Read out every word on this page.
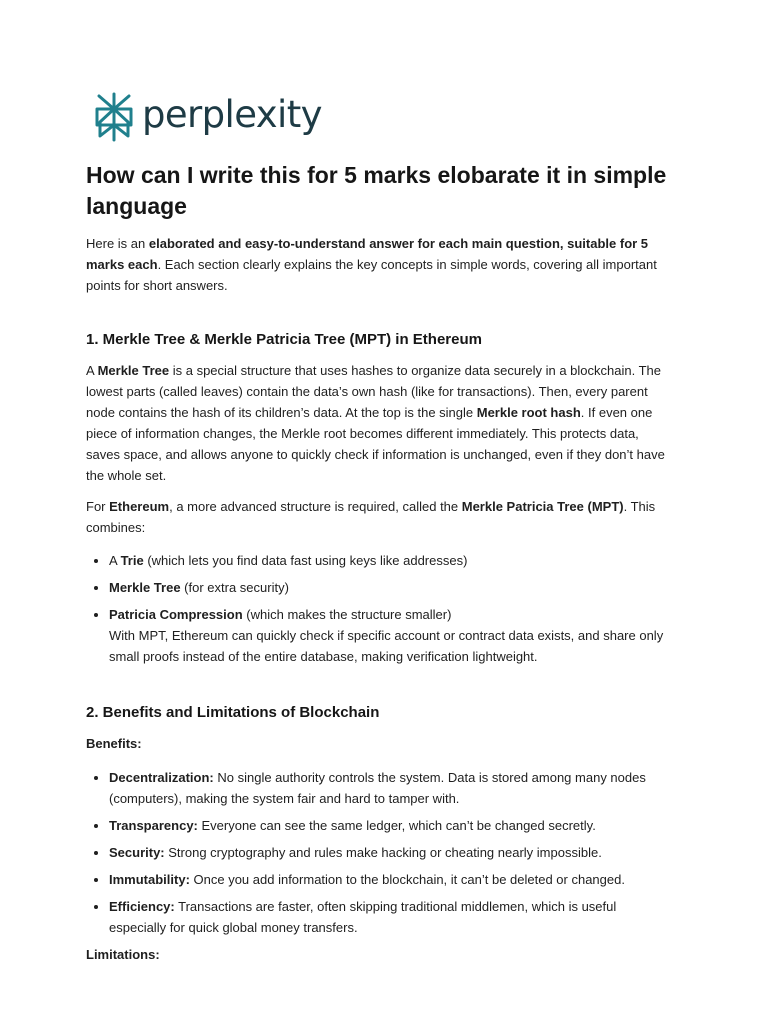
perplexity
How can I write this for 5 marks elobarate it in simple language

Here is an elaborated and easy-to-understand answer for each main question, suitable for 5 marks each. Each section clearly explains the key concepts in simple words, covering all important points for short answers.

1. Merkle Tree & Merkle Patricia Tree (MPT) in Ethereum

A Merkle Tree is a special structure that uses hashes to organize data securely in a blockchain. The lowest parts (called leaves) contain the data’s own hash (like for transactions). Then, every parent node contains the hash of its children’s data. At the top is the single Merkle root hash. If even one piece of information changes, the Merkle root becomes different immediately. This protects data, saves space, and allows anyone to quickly check if information is unchanged, even if they don’t have the whole set.

For Ethereum, a more advanced structure is required, called the Merkle Patricia Tree (MPT). This combines:

A Trie (which lets you find data fast using keys like addresses)
Merkle Tree (for extra security)
Patricia Compression (which makes the structure smaller)
With MPT, Ethereum can quickly check if specific account or contract data exists, and share only small proofs instead of the entire database, making verification lightweight.
2. Benefits and Limitations of Blockchain

Benefits:

Decentralization: No single authority controls the system. Data is stored among many nodes (computers), making the system fair and hard to tamper with.
Transparency: Everyone can see the same ledger, which can’t be changed secretly.
Security: Strong cryptography and rules make hacking or cheating nearly impossible.
Immutability: Once you add information to the blockchain, it can’t be deleted or changed.
Efficiency: Transactions are faster, often skipping traditional middlemen, which is useful especially for quick global money transfers.

Limitations:
